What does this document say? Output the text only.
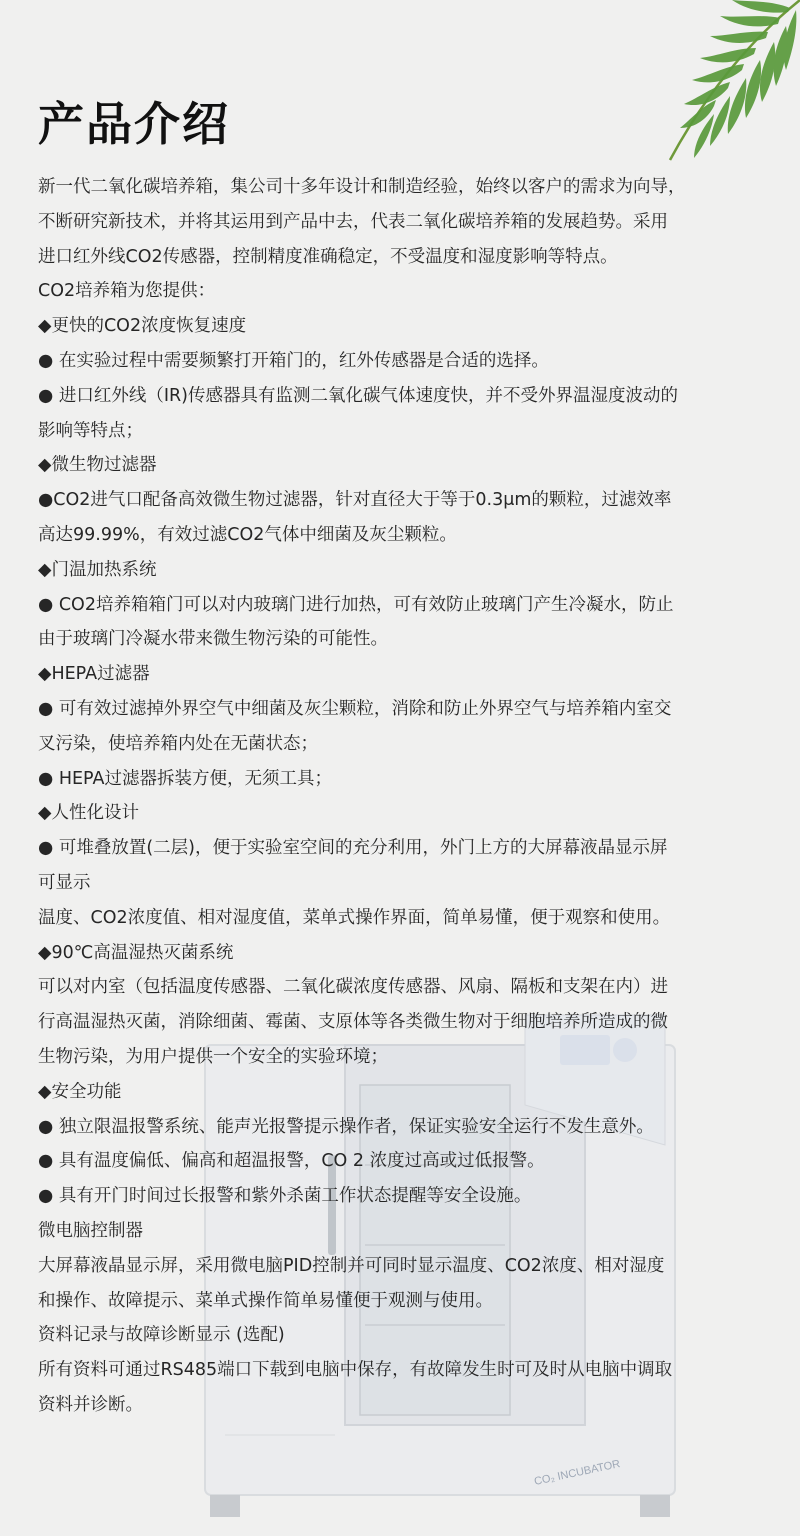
CO₂ INCUBATOR
产品介绍

新一代二氧化碳培养箱，集公司十多年设计和制造经验，始终以客户的需求为向导，

不断研究新技术，并将其运用到产品中去，代表二氧化碳培养箱的发展趋势。采用

进口红外线CO2传感器，控制精度准确稳定，不受温度和湿度影响等特点。

CO2培养箱为您提供：

◆更快的CO2浓度恢复速度

● 在实验过程中需要频繁打开箱门的，红外传感器是合适的选择。

● 进口红外线（IR)传感器具有监测二氧化碳气体速度快，并不受外界温湿度波动的

影响等特点；

◆微生物过滤器

●CO2进气口配备高效微生物过滤器，针对直径大于等于0.3μm的颗粒，过滤效率

高达99.99%，有效过滤CO2气体中细菌及灰尘颗粒。

◆门温加热系统

● CO2培养箱箱门可以对内玻璃门进行加热，可有效防止玻璃门产生冷凝水，防止

由于玻璃门冷凝水带来微生物污染的可能性。

◆HEPA过滤器

● 可有效过滤掉外界空气中细菌及灰尘颗粒，消除和防止外界空气与培养箱内室交

叉污染，使培养箱内处在无菌状态；

● HEPA过滤器拆装方便，无须工具；

◆人性化设计

● 可堆叠放置(二层)，便于实验室空间的充分利用，外门上方的大屏幕液晶显示屏

可显示

温度、CO2浓度值、相对湿度值，菜单式操作界面，简单易懂，便于观察和使用。

◆90℃高温湿热灭菌系统

可以对内室（包括温度传感器、二氧化碳浓度传感器、风扇、隔板和支架在内）进

行高温湿热灭菌，消除细菌、霉菌、支原体等各类微生物对于细胞培养所造成的微

生物污染，为用户提供一个安全的实验环境；

◆安全功能

● 独立限温报警系统、能声光报警提示操作者，保证实验安全运行不发生意外。

● 具有温度偏低、偏高和超温报警，CO 2 浓度过高或过低报警。

● 具有开门时间过长报警和紫外杀菌工作状态提醒等安全设施。

微电脑控制器

大屏幕液晶显示屏，采用微电脑PID控制并可同时显示温度、CO2浓度、相对湿度

和操作、故障提示、菜单式操作简单易懂便于观测与使用。

资料记录与故障诊断显示 (选配)

所有资料可通过RS485端口下载到电脑中保存，有故障发生时可及时从电脑中调取

资料并诊断。
